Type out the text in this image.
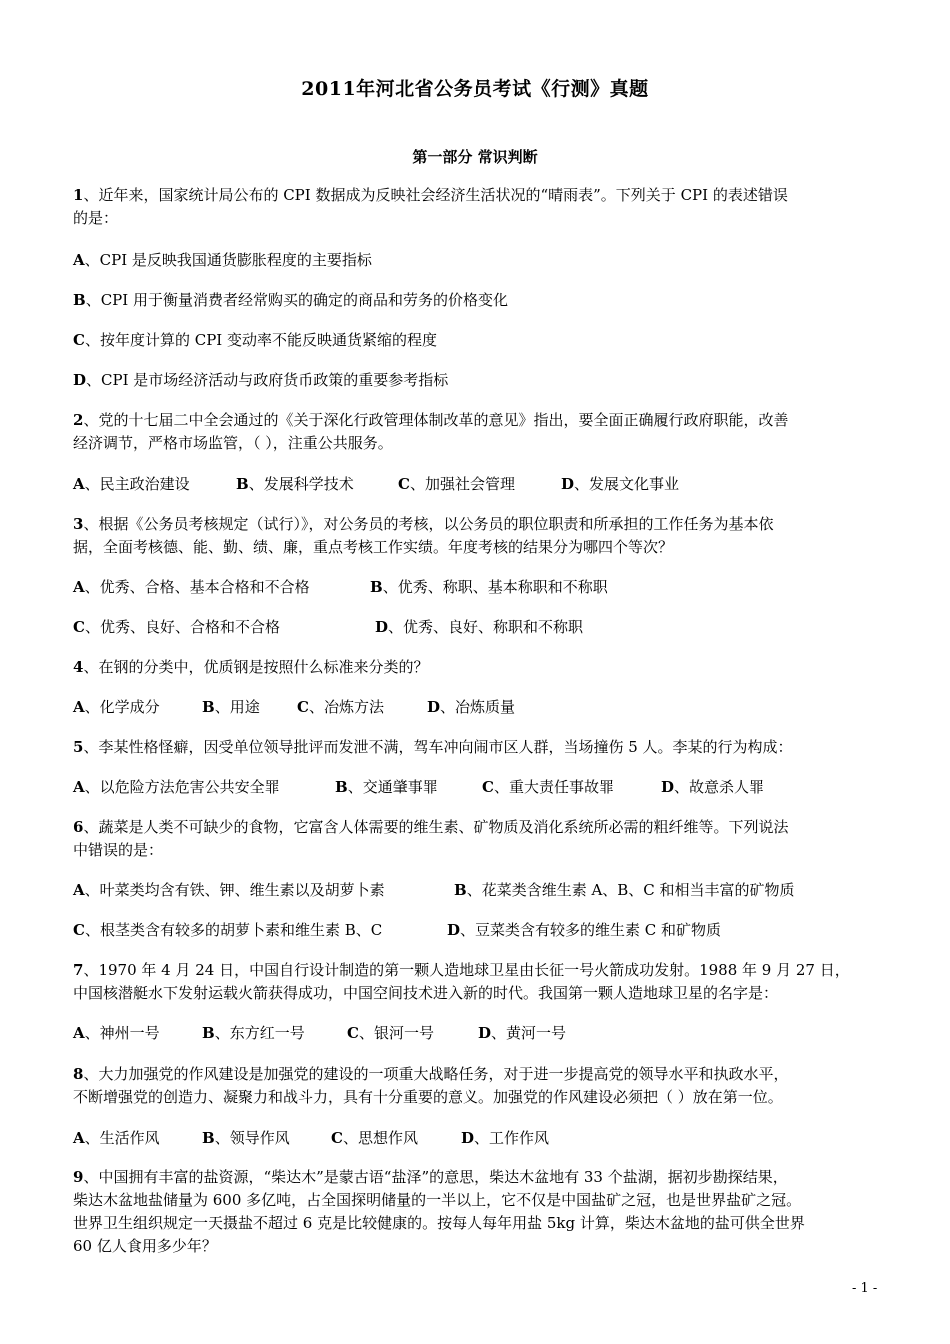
2011年河北省公务员考试《行测》真题
第一部分 常识判断
1、近年来，国家统计局公布的 CPI 数据成为反映社会经济生活状况的“晴雨表”。下列关于 CPI 的表述错误
的是：
A、CPI 是反映我国通货膨胀程度的主要指标
B、CPI 用于衡量消费者经常购买的确定的商品和劳务的价格变化
C、按年度计算的 CPI 变动率不能反映通货紧缩的程度
D、CPI 是市场经济活动与政府货币政策的重要参考指标
2、党的十七届二中全会通过的《关于深化行政管理体制改革的意见》指出，要全面正确履行政府职能，改善
经济调节，严格市场监管，（ ），注重公共服务。
A、民主政治建设	B、发展科学技术	C、加强社会管理	D、发展文化事业
3、根据《公务员考核规定（试行）》，对公务员的考核，以公务员的职位职责和所承担的工作任务为基本依
据，全面考核德、能、勤、绩、廉，重点考核工作实绩。年度考核的结果分为哪四个等次？
A、优秀、合格、基本合格和不合格	B、优秀、称职、基本称职和不称职
C、优秀、良好、合格和不合格	D、优秀、良好、称职和不称职
4、在钢的分类中，优质钢是按照什么标准来分类的？
A、化学成分	B、用途 C、冶炼方法	D、冶炼质量
5、李某性格怪癖，因受单位领导批评而发泄不满，驾车冲向闹市区人群，当场撞伤 5 人。李某的行为构成：
A、以危险方法危害公共安全罪	B、交通肇事罪	C、重大责任事故罪	D、故意杀人罪
6、蔬菜是人类不可缺少的食物，它富含人体需要的维生素、矿物质及消化系统所必需的粗纤维等。下列说法
中错误的是：
A、叶菜类均含有铁、钾、维生素以及胡萝卜素	B、花菜类含维生素 A、B、C 和相当丰富的矿物质
C、根茎类含有较多的胡萝卜素和维生素 B、C	D、豆菜类含有较多的维生素 C 和矿物质
7、1970 年 4 月 24 日，中国自行设计制造的第一颗人造地球卫星由长征一号火箭成功发射。1988 年 9 月 27 日，
中国核潜艇水下发射运载火箭获得成功，中国空间技术进入新的时代。我国第一颗人造地球卫星的名字是：
A、神州一号	B、东方红一号	C、银河一号	D、黄河一号
8、大力加强党的作风建设是加强党的建设的一项重大战略任务，对于进一步提高党的领导水平和执政水平，
不断增强党的创造力、凝聚力和战斗力，具有十分重要的意义。加强党的作风建设必须把（ ）放在第一位。
A、生活作风	B、领导作风	C、思想作风	D、工作作风
9、中国拥有丰富的盐资源，“柴达木”是蒙古语“盐泽”的意思，柴达木盆地有 33 个盐湖，据初步勘探结果，
柴达木盆地盐储量为 600 多亿吨，占全国探明储量的一半以上，它不仅是中国盐矿之冠，也是世界盐矿之冠。
世界卫生组织规定一天摄盐不超过 6 克是比较健康的。按每人每年用盐 5kg 计算，柴达木盆地的盐可供全世界
60 亿人食用多少年？
- 1 -
